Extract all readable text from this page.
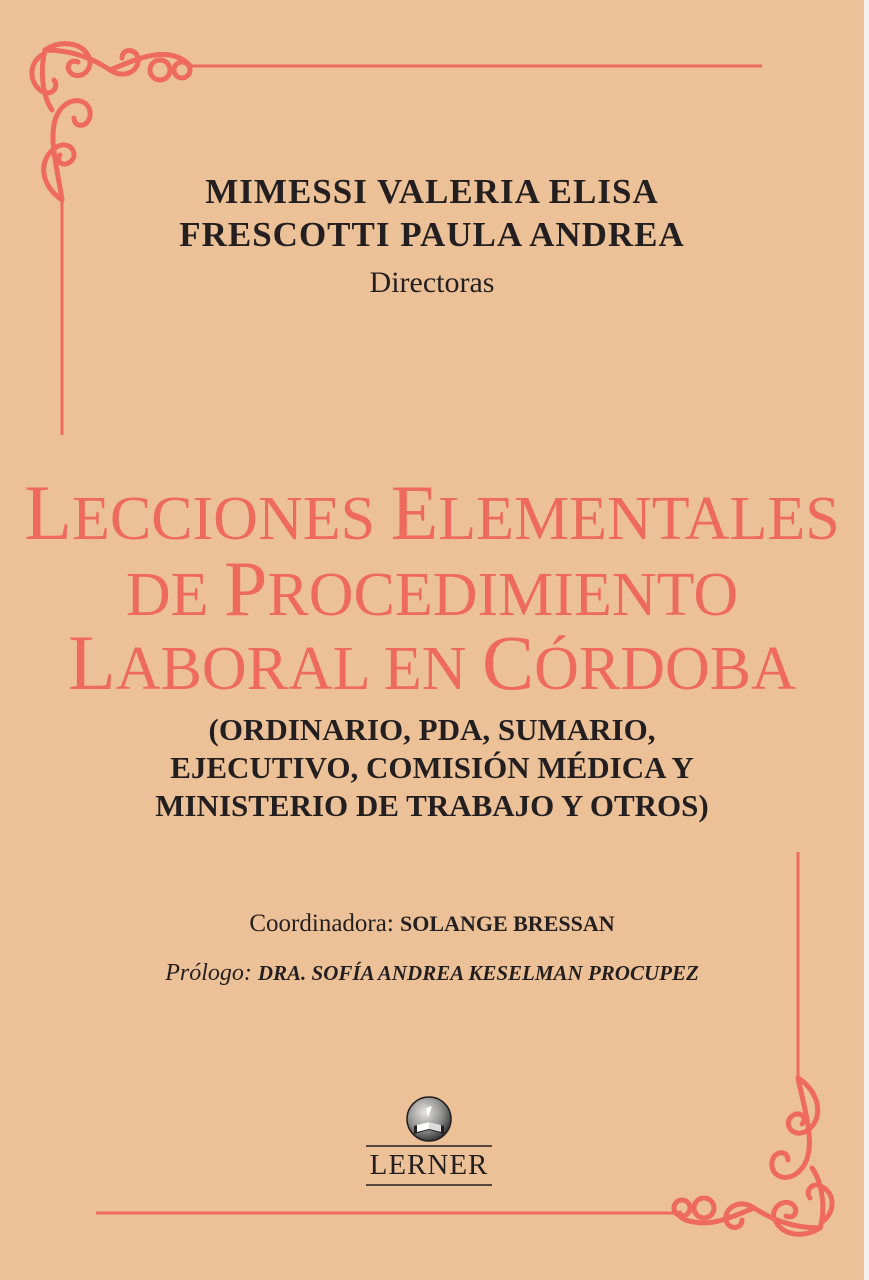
MIMESSI VALERIA ELISA
FRESCOTTI PAULA ANDREA
Directoras
LECCIONES ELEMENTALES
DE PROCEDIMIENTO
LABORAL EN CÓRDOBA
(ORDINARIO, PDA, SUMARIO,
EJECUTIVO, COMISIÓN MÉDICA Y
MINISTERIO DE TRABAJO Y OTROS)
Coordinadora: SOLANGE BRESSAN
Prólogo: DRA. SOFÍA ANDREA KESELMAN PROCUPEZ
LERNER
